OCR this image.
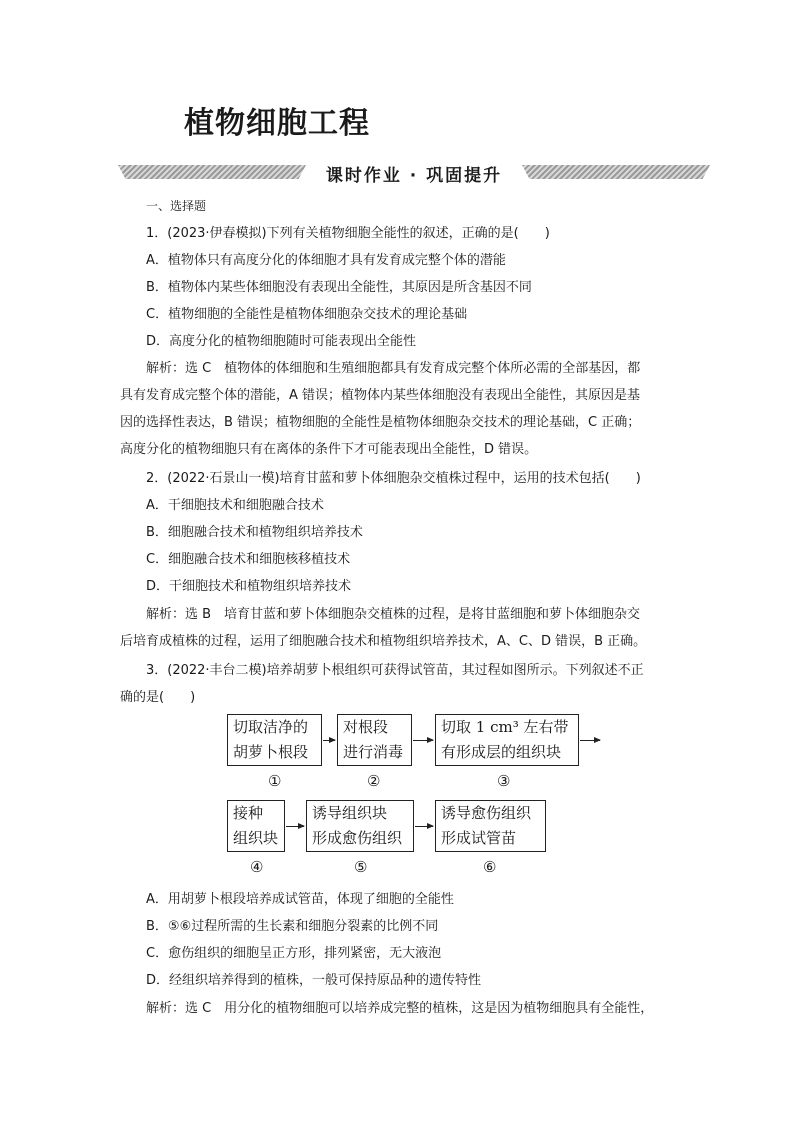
植物细胞工程
课时作业 · 巩固提升
一、选择题
1．(2023·伊春模拟)下列有关植物细胞全能性的叙述，正确的是(　　)
A．植物体只有高度分化的体细胞才具有发育成完整个体的潜能
B．植物体内某些体细胞没有表现出全能性，其原因是所含基因不同
C．植物细胞的全能性是植物体细胞杂交技术的理论基础
D．高度分化的植物细胞随时可能表现出全能性
解析：选 C　植物体的体细胞和生殖细胞都具有发育成完整个体所必需的全部基因，都
具有发育成完整个体的潜能，A 错误；植物体内某些体细胞没有表现出全能性，其原因是基
因的选择性表达，B 错误；植物细胞的全能性是植物体细胞杂交技术的理论基础，C 正确；
高度分化的植物细胞只有在离体的条件下才可能表现出全能性，D 错误。
2．(2022·石景山一模)培育甘蓝和萝卜体细胞杂交植株过程中，运用的技术包括(　　)
A．干细胞技术和细胞融合技术
B．细胞融合技术和植物组织培养技术
C．细胞融合技术和细胞核移植技术
D．干细胞技术和植物组织培养技术
解析：选 B　培育甘蓝和萝卜体细胞杂交植株的过程，是将甘蓝细胞和萝卜体细胞杂交
后培育成植株的过程，运用了细胞融合技术和植物组织培养技术，A、C、D 错误，B 正确。
3．(2022·丰台二模)培养胡萝卜根组织可获得试管苗，其过程如图所示。下列叙述不正
确的是(　　)
切取洁净的
胡萝卜根段
对根段
进行消毒
切取 1 cm³ 左右带
有形成层的组织块
①	②	③
接种
组织块
诱导组织块
形成愈伤组织
诱导愈伤组织
形成试管苗
④	⑤	⑥
A．用胡萝卜根段培养成试管苗，体现了细胞的全能性
B．⑤⑥过程所需的生长素和细胞分裂素的比例不同
C．愈伤组织的细胞呈正方形，排列紧密，无大液泡
D．经组织培养得到的植株，一般可保持原品种的遗传特性
解析：选 C　用分化的植物细胞可以培养成完整的植株，这是因为植物细胞具有全能性，
